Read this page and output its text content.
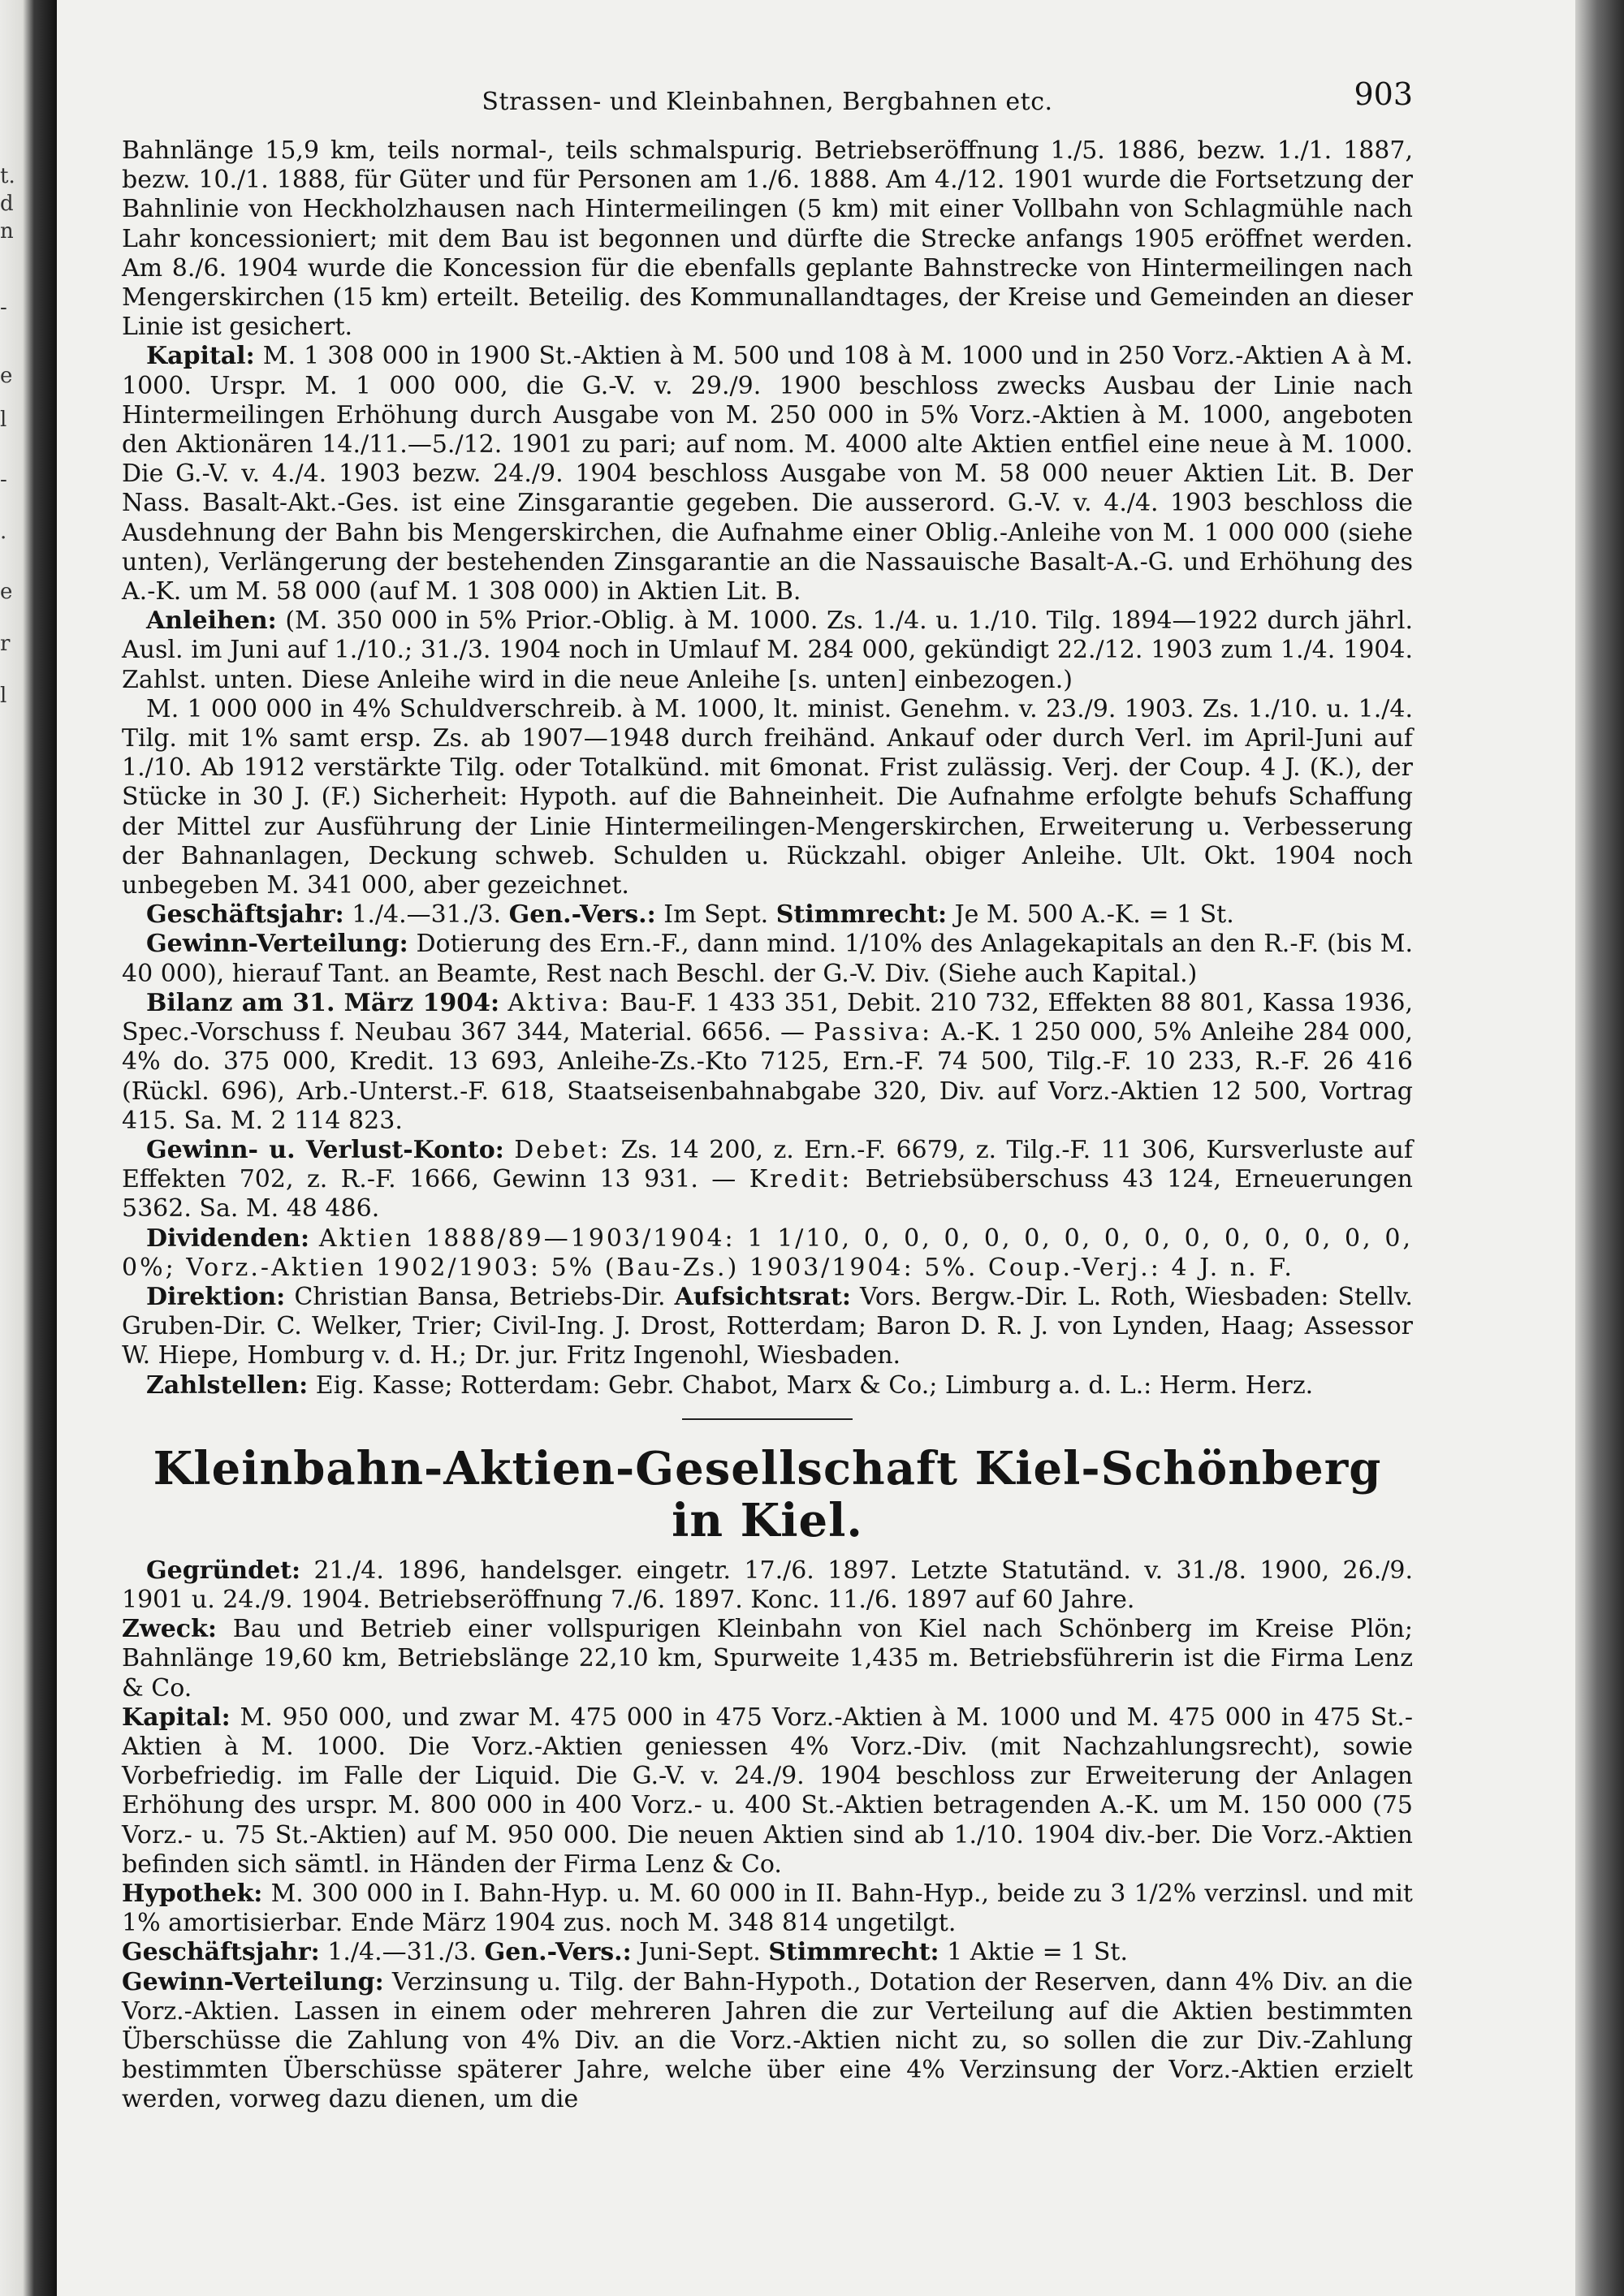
t.
d
n
-
e
l
-
.
e
r
l
Strassen- und Kleinbahnen, Bergbahnen etc.	903

Bahnlänge 15,9 km, teils normal-, teils schmalspurig. Betriebseröffnung 1./5. 1886, bezw. 1./1. 1887, bezw. 10./1. 1888, für Güter und für Personen am 1./6. 1888. Am 4./12. 1901 wurde die Fortsetzung der Bahnlinie von Heckholzhausen nach Hintermeilingen (5 km) mit einer Vollbahn von Schlagmühle nach Lahr koncessioniert; mit dem Bau ist begonnen und dürfte die Strecke anfangs 1905 eröffnet werden. Am 8./6. 1904 wurde die Koncession für die ebenfalls geplante Bahnstrecke von Hintermeilingen nach Mengerskirchen (15 km) erteilt. Beteilig. des Kommunallandtages, der Kreise und Gemeinden an dieser Linie ist gesichert.

Kapital: M. 1 308 000 in 1900 St.-Aktien à M. 500 und 108 à M. 1000 und in 250 Vorz.-Aktien A à M. 1000. Urspr. M. 1 000 000, die G.-V. v. 29./9. 1900 beschloss zwecks Ausbau der Linie nach Hintermeilingen Erhöhung durch Ausgabe von M. 250 000 in 5% Vorz.-Aktien à M. 1000, angeboten den Aktionären 14./11.—5./12. 1901 zu pari; auf nom. M. 4000 alte Aktien entfiel eine neue à M. 1000. Die G.-V. v. 4./4. 1903 bezw. 24./9. 1904 beschloss Ausgabe von M. 58 000 neuer Aktien Lit. B. Der Nass. Basalt-Akt.-Ges. ist eine Zinsgarantie gegeben. Die ausserord. G.-V. v. 4./4. 1903 beschloss die Ausdehnung der Bahn bis Mengerskirchen, die Aufnahme einer Oblig.-Anleihe von M. 1 000 000 (siehe unten), Verlängerung der bestehenden Zinsgarantie an die Nassauische Basalt-A.-G. und Erhöhung des A.-K. um M. 58 000 (auf M. 1 308 000) in Aktien Lit. B.

Anleihen: (M. 350 000 in 5% Prior.-Oblig. à M. 1000. Zs. 1./4. u. 1./10. Tilg. 1894—1922 durch jährl. Ausl. im Juni auf 1./10.; 31./3. 1904 noch in Umlauf M. 284 000, gekündigt 22./12. 1903 zum 1./4. 1904. Zahlst. unten. Diese Anleihe wird in die neue Anleihe [s. unten] einbezogen.)

M. 1 000 000 in 4% Schuldverschreib. à M. 1000, lt. minist. Genehm. v. 23./9. 1903. Zs. 1./10. u. 1./4. Tilg. mit 1% samt ersp. Zs. ab 1907—1948 durch freihänd. Ankauf oder durch Verl. im April-Juni auf 1./10. Ab 1912 verstärkte Tilg. oder Totalkünd. mit 6monat. Frist zulässig. Verj. der Coup. 4 J. (K.), der Stücke in 30 J. (F.) Sicherheit: Hypoth. auf die Bahneinheit. Die Aufnahme erfolgte behufs Schaffung der Mittel zur Ausführung der Linie Hintermeilingen-Mengerskirchen, Erweiterung u. Verbesserung der Bahnanlagen, Deckung schweb. Schulden u. Rückzahl. obiger Anleihe. Ult. Okt. 1904 noch unbegeben M. 341 000, aber gezeichnet.

Geschäftsjahr: 1./4.—31./3. Gen.-Vers.: Im Sept. Stimmrecht: Je M. 500 A.-K. = 1 St.

Gewinn-Verteilung: Dotierung des Ern.-F., dann mind. 1/10% des Anlagekapitals an den R.-F. (bis M. 40 000), hierauf Tant. an Beamte, Rest nach Beschl. der G.-V. Div. (Siehe auch Kapital.)

Bilanz am 31. März 1904: Aktiva: Bau-F. 1 433 351, Debit. 210 732, Effekten 88 801, Kassa 1936, Spec.-Vorschuss f. Neubau 367 344, Material. 6656. — Passiva: A.-K. 1 250 000, 5% Anleihe 284 000, 4% do. 375 000, Kredit. 13 693, Anleihe-Zs.-Kto 7125, Ern.-F. 74 500, Tilg.-F. 10 233, R.-F. 26 416 (Rückl. 696), Arb.-Unterst.-F. 618, Staatseisenbahnabgabe 320, Div. auf Vorz.-Aktien 12 500, Vortrag 415. Sa. M. 2 114 823.

Gewinn- u. Verlust-Konto: Debet: Zs. 14 200, z. Ern.-F. 6679, z. Tilg.-F. 11 306, Kursverluste auf Effekten 702, z. R.-F. 1666, Gewinn 13 931. — Kredit: Betriebsüberschuss 43 124, Erneuerungen 5362. Sa. M. 48 486.

Dividenden: Aktien 1888/89—1903/1904: 1 1/10, 0, 0, 0, 0, 0, 0, 0, 0, 0, 0, 0, 0, 0, 0, 0%; Vorz.-Aktien 1902/1903: 5% (Bau-Zs.) 1903/1904: 5%. Coup.-Verj.: 4 J. n. F.

Direktion: Christian Bansa, Betriebs-Dir. Aufsichtsrat: Vors. Bergw.-Dir. L. Roth, Wiesbaden: Stellv. Gruben-Dir. C. Welker, Trier; Civil-Ing. J. Drost, Rotterdam; Baron D. R. J. von Lynden, Haag; Assessor W. Hiepe, Homburg v. d. H.; Dr. jur. Fritz Ingenohl, Wiesbaden.

Zahlstellen: Eig. Kasse; Rotterdam: Gebr. Chabot, Marx & Co.; Limburg a. d. L.: Herm. Herz.

Kleinbahn-Aktien-Gesellschaft Kiel-Schönberg in Kiel.

Gegründet: 21./4. 1896, handelsger. eingetr. 17./6. 1897. Letzte Statutänd. v. 31./8. 1900, 26./9. 1901 u. 24./9. 1904. Betriebseröffnung 7./6. 1897. Konc. 11./6. 1897 auf 60 Jahre.

Zweck: Bau und Betrieb einer vollspurigen Kleinbahn von Kiel nach Schönberg im Kreise Plön; Bahnlänge 19,60 km, Betriebslänge 22,10 km, Spurweite 1,435 m. Betriebsführerin ist die Firma Lenz & Co.

Kapital: M. 950 000, und zwar M. 475 000 in 475 Vorz.-Aktien à M. 1000 und M. 475 000 in 475 St.-Aktien à M. 1000. Die Vorz.-Aktien geniessen 4% Vorz.-Div. (mit Nachzahlungsrecht), sowie Vorbefriedig. im Falle der Liquid. Die G.-V. v. 24./9. 1904 beschloss zur Erweiterung der Anlagen Erhöhung des urspr. M. 800 000 in 400 Vorz.- u. 400 St.-Aktien betragenden A.-K. um M. 150 000 (75 Vorz.- u. 75 St.-Aktien) auf M. 950 000. Die neuen Aktien sind ab 1./10. 1904 div.-ber. Die Vorz.-Aktien befinden sich sämtl. in Händen der Firma Lenz & Co.

Hypothek: M. 300 000 in I. Bahn-Hyp. u. M. 60 000 in II. Bahn-Hyp., beide zu 3 1/2% verzinsl. und mit 1% amortisierbar. Ende März 1904 zus. noch M. 348 814 ungetilgt.

Geschäftsjahr: 1./4.—31./3. Gen.-Vers.: Juni-Sept. Stimmrecht: 1 Aktie = 1 St.

Gewinn-Verteilung: Verzinsung u. Tilg. der Bahn-Hypoth., Dotation der Reserven, dann 4% Div. an die Vorz.-Aktien. Lassen in einem oder mehreren Jahren die zur Verteilung auf die Aktien bestimmten Überschüsse die Zahlung von 4% Div. an die Vorz.-Aktien nicht zu, so sollen die zur Div.-Zahlung bestimmten Überschüsse späterer Jahre, welche über eine 4% Verzinsung der Vorz.-Aktien erzielt werden, vorweg dazu dienen, um die
